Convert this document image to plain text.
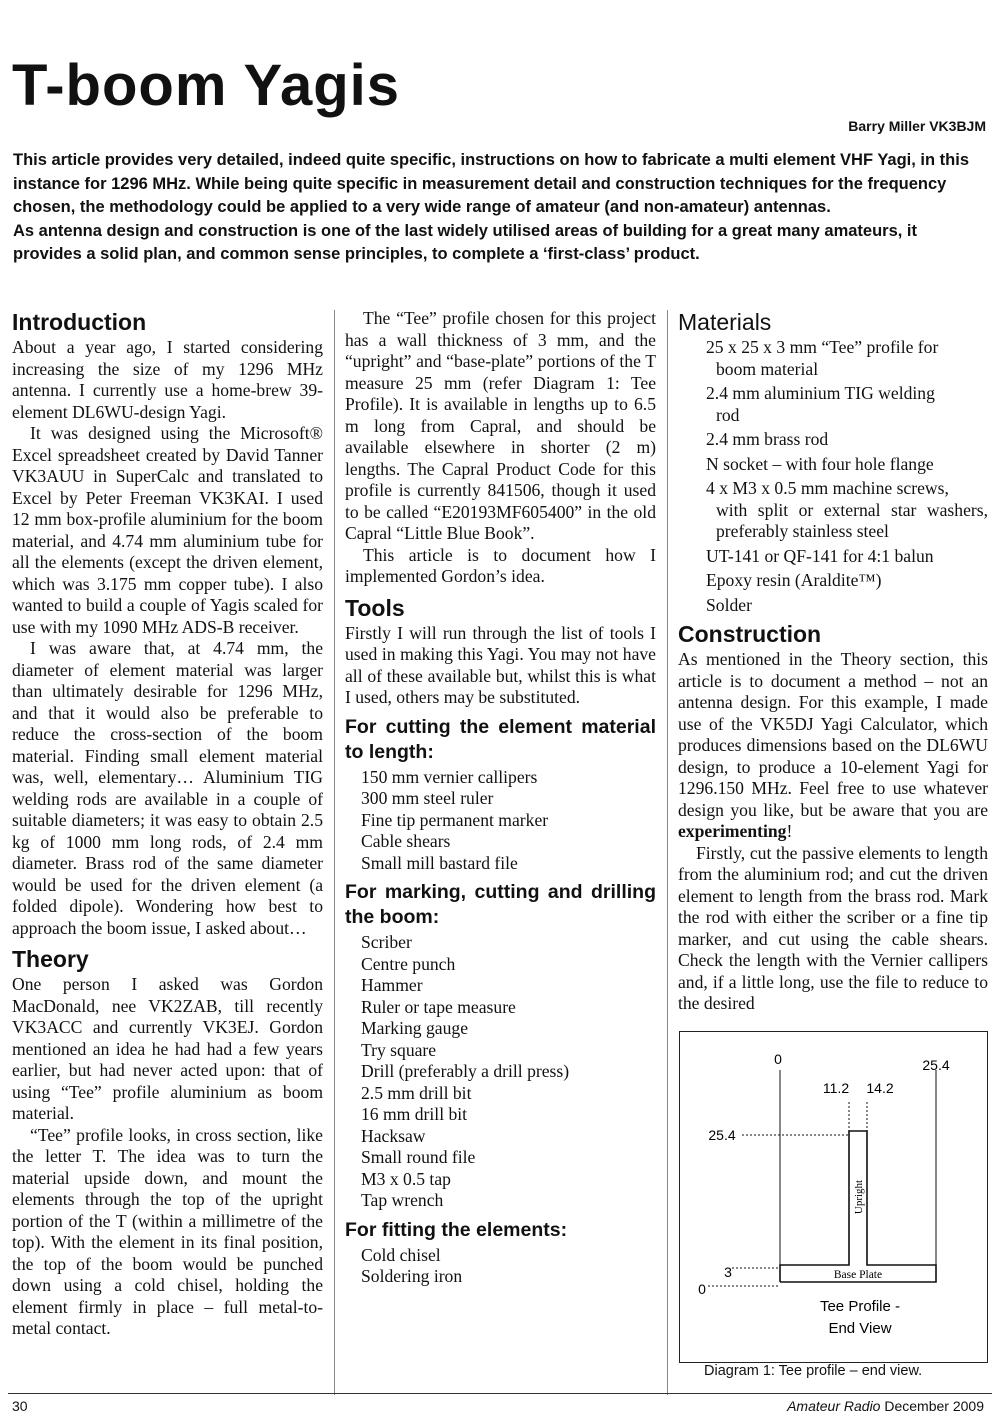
T-boom Yagis
Barry Miller VK3BJM

This article provides very detailed, indeed quite specific, instructions on how to fabricate a multi element VHF Yagi, in this instance for 1296 MHz. While being quite specific in measurement detail and construction techniques for the frequency chosen, the methodology could be applied to a very wide range of amateur (and non-amateur) antennas.

As antenna design and construction is one of the last widely utilised areas of building for a great many amateurs, it provides a solid plan, and common sense principles, to complete a ‘first-class’ product.

Introduction

About a year ago, I started considering increasing the size of my 1296 MHz antenna. I currently use a home-brew 39-element DL6WU-design Yagi.

It was designed using the Microsoft® Excel spreadsheet created by David Tanner VK3AUU in SuperCalc and translated to Excel by Peter Freeman VK3KAI. I used 12 mm box-profile aluminium for the boom material, and 4.74 mm aluminium tube for all the elements (except the driven element, which was 3.175 mm copper tube). I also wanted to build a couple of Yagis scaled for use with my 1090 MHz ADS-B receiver.

I was aware that, at 4.74 mm, the diameter of element material was larger than ultimately desirable for 1296 MHz, and that it would also be preferable to reduce the cross-section of the boom material. Finding small element material was, well, elementary… Aluminium TIG welding rods are available in a couple of suitable diameters; it was easy to obtain 2.5 kg of 1000 mm long rods, of 2.4 mm diameter. Brass rod of the same diameter would be used for the driven element (a folded dipole). Wondering how best to approach the boom issue, I asked about…

Theory

One person I asked was Gordon MacDonald, nee VK2ZAB, till recently VK3ACC and currently VK3EJ. Gordon mentioned an idea he had had a few years earlier, but had never acted upon: that of using “Tee” profile aluminium as boom material.

“Tee” profile looks, in cross section, like the letter T. The idea was to turn the material upside down, and mount the elements through the top of the upright portion of the T (within a millimetre of the top). With the element in its final position, the top of the boom would be punched down using a cold chisel, holding the element firmly in place – full metal-to-metal contact.

The “Tee” profile chosen for this project has a wall thickness of 3 mm, and the “upright” and “base-plate” portions of the T measure 25 mm (refer Diagram 1: Tee Profile). It is available in lengths up to 6.5 m long from Capral, and should be available elsewhere in shorter (2 m) lengths. The Capral Product Code for this profile is currently 841506, though it used to be called “E20193MF605400” in the old Capral “Little Blue Book”.

This article is to document how I implemented Gordon’s idea.

Tools

Firstly I will run through the list of tools I used in making this Yagi. You may not have all of these available but, whilst this is what I used, others may be substituted.

For cutting the element material to length:
150 mm vernier callipers
300 mm steel ruler
Fine tip permanent marker
Cable shears
Small mill bastard file
For marking, cutting and drilling the boom:
Scriber
Centre punch
Hammer
Ruler or tape measure
Marking gauge
Try square
Drill (preferably a drill press)
2.5 mm drill bit
16 mm drill bit
Hacksaw
Small round file
M3 x 0.5 tap
Tap wrench
For fitting the elements:
Cold chisel
Soldering iron
Materials
25 x 25 x 3 mm “Tee” profile for
boom material
2.4 mm aluminium TIG welding
rod
2.4 mm brass rod
N socket – with four hole flange
4 x M3 x 0.5 mm machine screws,
with split or external star washers, preferably stainless steel
UT-141 or QF-141 for 4:1 balun
Epoxy resin (Araldite™)
Solder
Construction

As mentioned in the Theory section, this article is to document a method – not an antenna design. For this example, I made use of the VK5DJ Yagi Calculator, which produces dimensions based on the DL6WU design, to produce a 10-element Yagi for 1296.150 MHz. Feel free to use whatever design you like, but be aware that you are experimenting!

Firstly, cut the passive elements to length from the aluminium rod; and cut the driven element to length from the brass rod. Mark the rod with either the scriber or a fine tip marker, and cut using the cable shears. Check the length with the Vernier callipers and, if a little long, use the file to reduce to the desired

0	25.4
11.2 14.2
25.4
3
0
Upright
Base Plate
Tee Profile -
End View
Diagram 1: Tee profile – end view.
30	Amateur Radio December 2009
